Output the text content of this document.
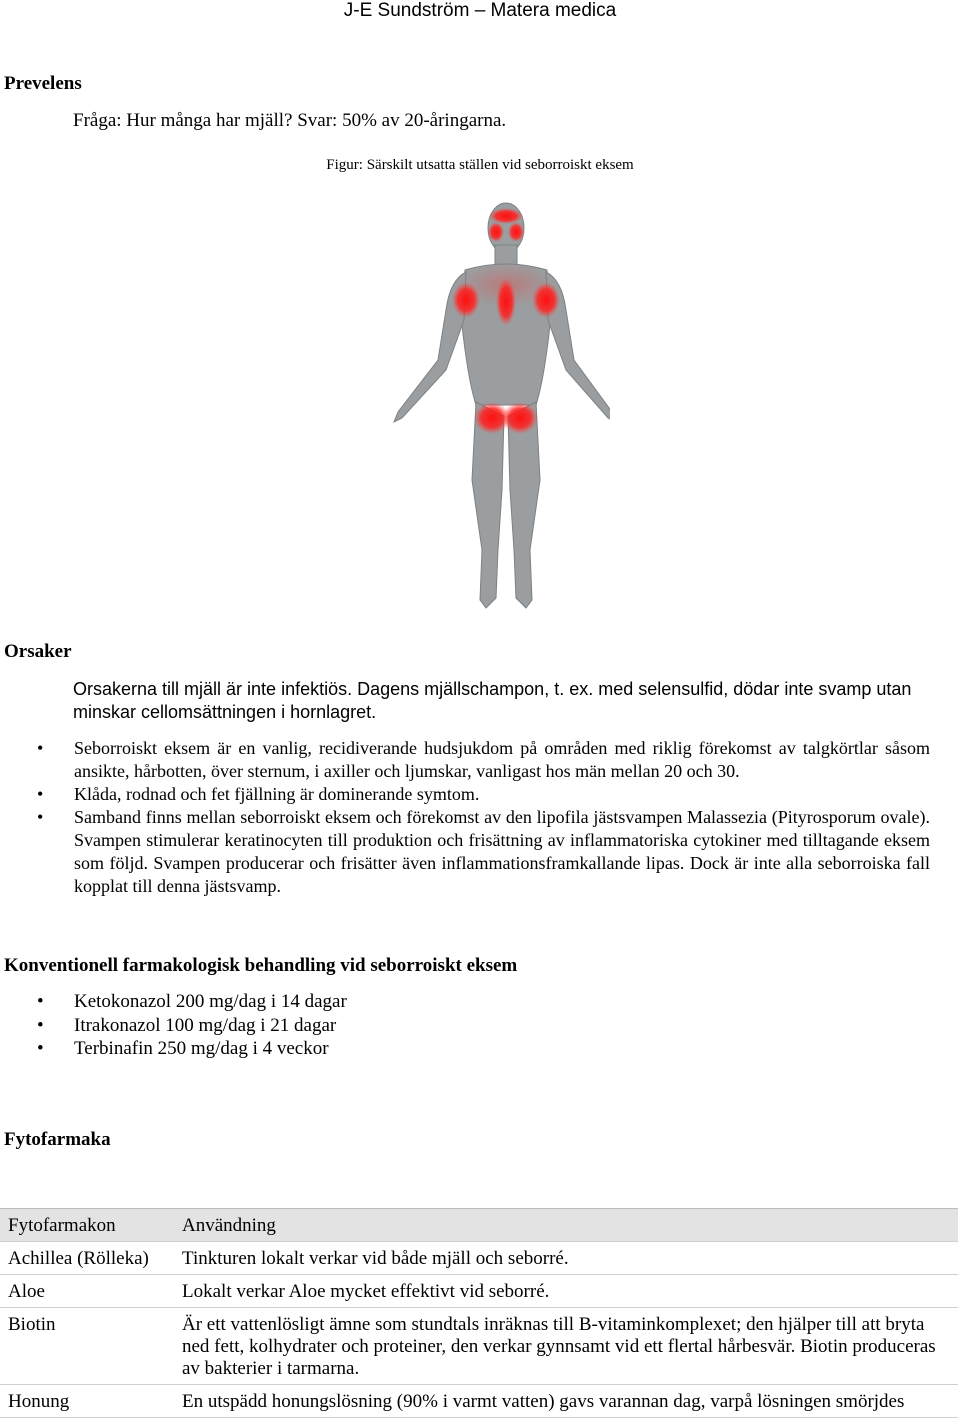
J-E Sundström – Matera medica
Prevelens
Fråga: Hur många har mjäll? Svar: 50% av 20-åringarna.
Figur: Särskilt utsatta ställen vid seborroiskt eksem
Orsaker
Orsakerna till mjäll är inte infektiös. Dagens mjällschampon, t. ex. med selensulfid, dödar inte svamp utan
minskar cellomsättningen i hornlagret.
• Seborroiskt eksem är en vanlig, recidiverande hudsjukdom på områden med riklig förekomst av talgkörtlar såsom ansikte, hårbotten, över sternum, i axiller och ljumskar, vanligast hos män mellan 20 och 30.
• Klåda, rodnad och fet fjällning är dominerande symtom.
• Samband finns mellan seborroiskt eksem och förekomst av den lipofila jästsvampen Malassezia (Pityrosporum ovale). Svampen stimulerar keratinocyten till produktion och frisättning av inflammatoriska cytokiner med tilltagande eksem som följd. Svampen producerar och frisätter även inflammationsframkallande lipas. Dock är inte alla seborroiska fall kopplat till denna jästsvamp.
Konventionell farmakologisk behandling vid seborroiskt eksem
• Ketokonazol 200 mg/dag i 14 dagar
• Itrakonazol 100 mg/dag i 21 dagar
• Terbinafin 250 mg/dag i 4 veckor
Fytofarmaka
Fytofarmakon	Användning
Achillea (Rölleka)	Tinkturen lokalt verkar vid både mjäll och seborré.
Aloe	Lokalt verkar Aloe mycket effektivt vid seborré.
Biotin	Är ett vattenlösligt ämne som stundtals inräknas till B-vitaminkomplexet; den hjälper till att bryta ned fett, kolhydrater och proteiner, den verkar gynnsamt vid ett flertal hårbesvär. Biotin produceras av bakterier i tarmarna.
Honung	En utspädd honungslösning (90% i varmt vatten) gavs varannan dag, varpå lösningen smörjdes
